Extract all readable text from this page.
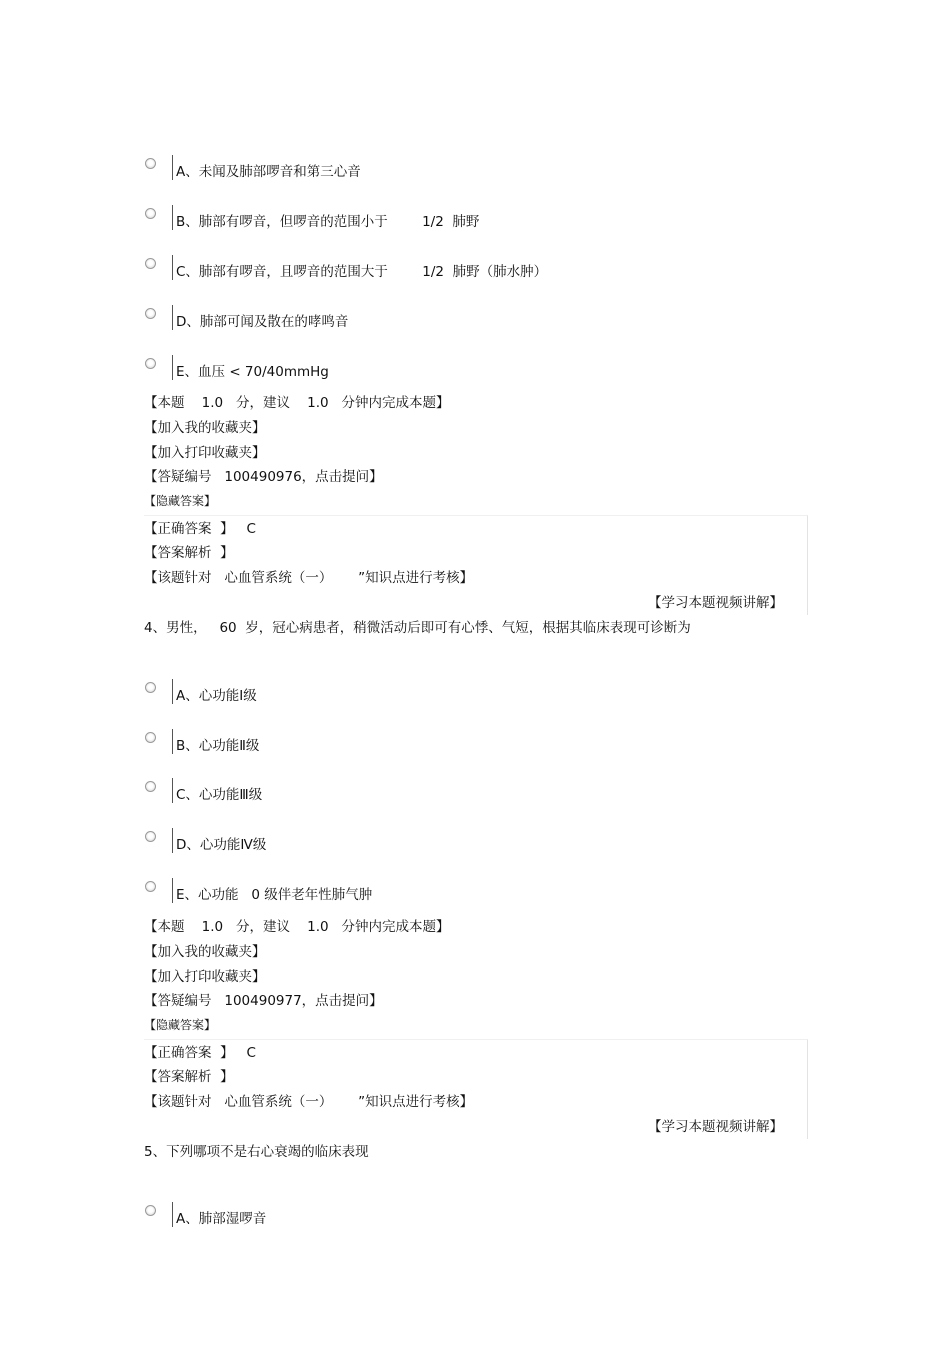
A、未闻及肺部啰音和第三心音
B、肺部有啰音，但啰音的范围小于        1/2  肺野
C、肺部有啰音，且啰音的范围大于        1/2  肺野（肺水肿）
D、肺部可闻及散在的哮鸣音
E、血压 < 70/40mmHg
【本题    1.0   分，建议    1.0   分钟内完成本题】
【加入我的收藏夹】
【加入打印收藏夹】
【答疑编号   100490976，点击提问】
【隐藏答案】
【正确答案  】   C
【答案解析  】
【该题针对   心血管系统（一）      ”知识点进行考核】
【学习本题视频讲解】
4、男性，   60  岁，冠心病患者，稍微活动后即可有心悸、气短，根据其临床表现可诊断为
A、心功能Ⅰ级
B、心功能Ⅱ级
C、心功能Ⅲ级
D、心功能Ⅳ级
E、心功能   0 级伴老年性肺气肿
【本题    1.0   分，建议    1.0   分钟内完成本题】
【加入我的收藏夹】
【加入打印收藏夹】
【答疑编号   100490977，点击提问】
【隐藏答案】
【正确答案  】   C
【答案解析  】
【该题针对   心血管系统（一）      ”知识点进行考核】
【学习本题视频讲解】
5、下列哪项不是右心衰竭的临床表现
A、肺部湿啰音
